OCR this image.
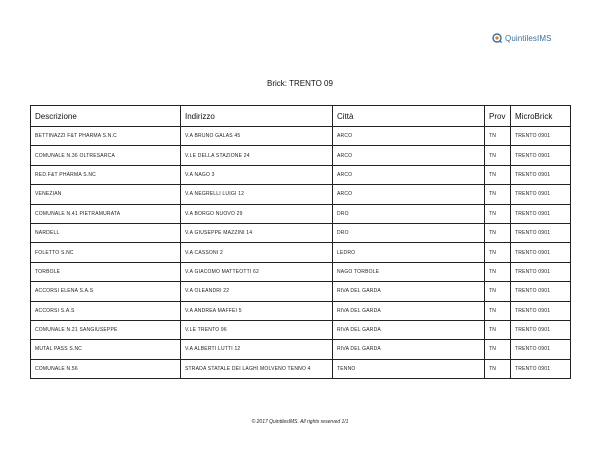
QuintilesIMS
Brick: TRENTO 09
Descrizione	Indirizzo	Città	Prov	MicroBrick
BETTINAZZI F&T PHARMA S.N.C	V.A BRUNO GALAS 45	ARCO	TN	TRENTO 0901
COMUNALE N.36 OLTRESARCA	V.LE DELLA STAZIONE 24	ARCO	TN	TRENTO 0901
RED.F&T PHARMA S.NC	V.A NAGO 3	ARCO	TN	TRENTO 0901
VENEZIAN	V.A NEGRELLI LUIGI 12	ARCO	TN	TRENTO 0901
COMUNALE N.41 PIETRAMURATA	V.A BORGO NUOVO 29	DRO	TN	TRENTO 0901
NARDELL	V.A GIUSEPPE MAZZINI 14	DRO	TN	TRENTO 0901
FOLETTO S.NC	V.A CASSONI 2	LEDRO	TN	TRENTO 0901
TORBOLE	V.A GIACOMO MATTEOTTI 62	NAGO TORBOLE	TN	TRENTO 0901
ACCORSI ELENA S.A.S	V.A OLEANDRI 22	RIVA DEL GARDA	TN	TRENTO 0901
ACCORSI S.A.S	V.A ANDREA MAFFEI 5	RIVA DEL GARDA	TN	TRENTO 0901
COMUNALE N.21 SANGIUSEPPE	V.LE TRENTO 96	RIVA DEL GARDA	TN	TRENTO 0901
MUTAL PASS S.NC	V.A ALBERTI LUTTI 12	RIVA DEL GARDA	TN	TRENTO 0901
COMUNALE N.56	STRADA STATALE DEI LAGHI MOLVENO TENNO 4	TENNO	TN	TRENTO 0901
© 2017 QuintilesIMS. All rights reserved 1/1
